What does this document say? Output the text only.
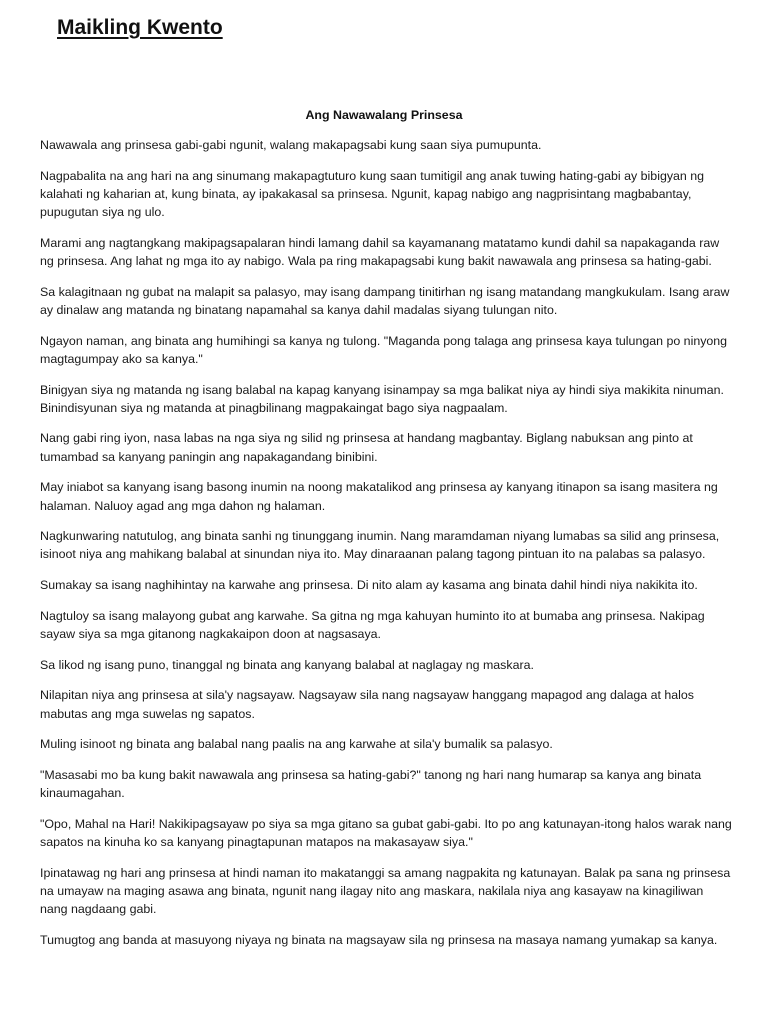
Maikling Kwento
Ang Nawawalang Prinsesa

Nawawala ang prinsesa gabi-gabi ngunit, walang makapagsabi kung saan siya pumupunta.

Nagpabalita na ang hari na ang sinumang makapagtuturo kung saan tumitigil ang anak tuwing hating-gabi ay bibigyan ng kalahati ng kaharian at, kung binata, ay ipakakasal sa prinsesa. Ngunit, kapag nabigo ang nagprisintang magbabantay, pupugutan siya ng ulo.

Marami ang nagtangkang makipagsapalaran hindi lamang dahil sa kayamanang matatamo kundi dahil sa napakaganda raw ng prinsesa. Ang lahat ng mga ito ay nabigo. Wala pa ring makapagsabi kung bakit nawawala ang prinsesa sa hating-gabi.

Sa kalagitnaan ng gubat na malapit sa palasyo, may isang dampang tinitirhan ng isang matandang mangkukulam. Isang araw ay dinalaw ang matanda ng binatang napamahal sa kanya dahil madalas siyang tulungan nito.

Ngayon naman, ang binata ang humihingi sa kanya ng tulong. "Maganda pong talaga ang prinsesa kaya tulungan po ninyong magtagumpay ako sa kanya."

Binigyan siya ng matanda ng isang balabal na kapag kanyang isinampay sa mga balikat niya ay hindi siya makikita ninuman. Binindisyunan siya ng matanda at pinagbilinang magpakaingat bago siya nagpaalam.

Nang gabi ring iyon, nasa labas na nga siya ng silid ng prinsesa at handang magbantay. Biglang nabuksan ang pinto at tumambad sa kanyang paningin ang napakagandang binibini.

May iniabot sa kanyang isang basong inumin na noong makatalikod ang prinsesa ay kanyang itinapon sa isang masitera ng halaman. Naluoy agad ang mga dahon ng halaman.

Nagkunwaring natutulog, ang binata sanhi ng tinunggang inumin. Nang maramdaman niyang lumabas sa silid ang prinsesa, isinoot niya ang mahikang balabal at sinundan niya ito. May dinaraanan palang tagong pintuan ito na palabas sa palasyo.

Sumakay sa isang naghihintay na karwahe ang prinsesa. Di nito alam ay kasama ang binata dahil hindi niya nakikita ito.

Nagtuloy sa isang malayong gubat ang karwahe. Sa gitna ng mga kahuyan huminto ito at bumaba ang prinsesa. Nakipag sayaw siya sa mga gitanong nagkakaipon doon at nagsasaya.

Sa likod ng isang puno, tinanggal ng binata ang kanyang balabal at naglagay ng maskara.

Nilapitan niya ang prinsesa at sila'y nagsayaw. Nagsayaw sila nang nagsayaw hanggang mapagod ang dalaga at halos mabutas ang mga suwelas ng sapatos.

Muling isinoot ng binata ang balabal nang paalis na ang karwahe at sila'y bumalik sa palasyo.

"Masasabi mo ba kung bakit nawawala ang prinsesa sa hating-gabi?" tanong ng hari nang humarap sa kanya ang binata kinaumagahan.

"Opo, Mahal na Hari! Nakikipagsayaw po siya sa mga gitano sa gubat gabi-gabi. Ito po ang katunayan-itong halos warak nang sapatos na kinuha ko sa kanyang pinagtapunan matapos na makasayaw siya."

Ipinatawag ng hari ang prinsesa at hindi naman ito makatanggi sa amang nagpakita ng katunayan. Balak pa sana ng prinsesa na umayaw na maging asawa ang binata, ngunit nang ilagay nito ang maskara, nakilala niya ang kasayaw na kinagiliwan nang nagdaang gabi.

Tumugtog ang banda at masuyong niyaya ng binata na magsayaw sila ng prinsesa na masaya namang yumakap sa kanya.
